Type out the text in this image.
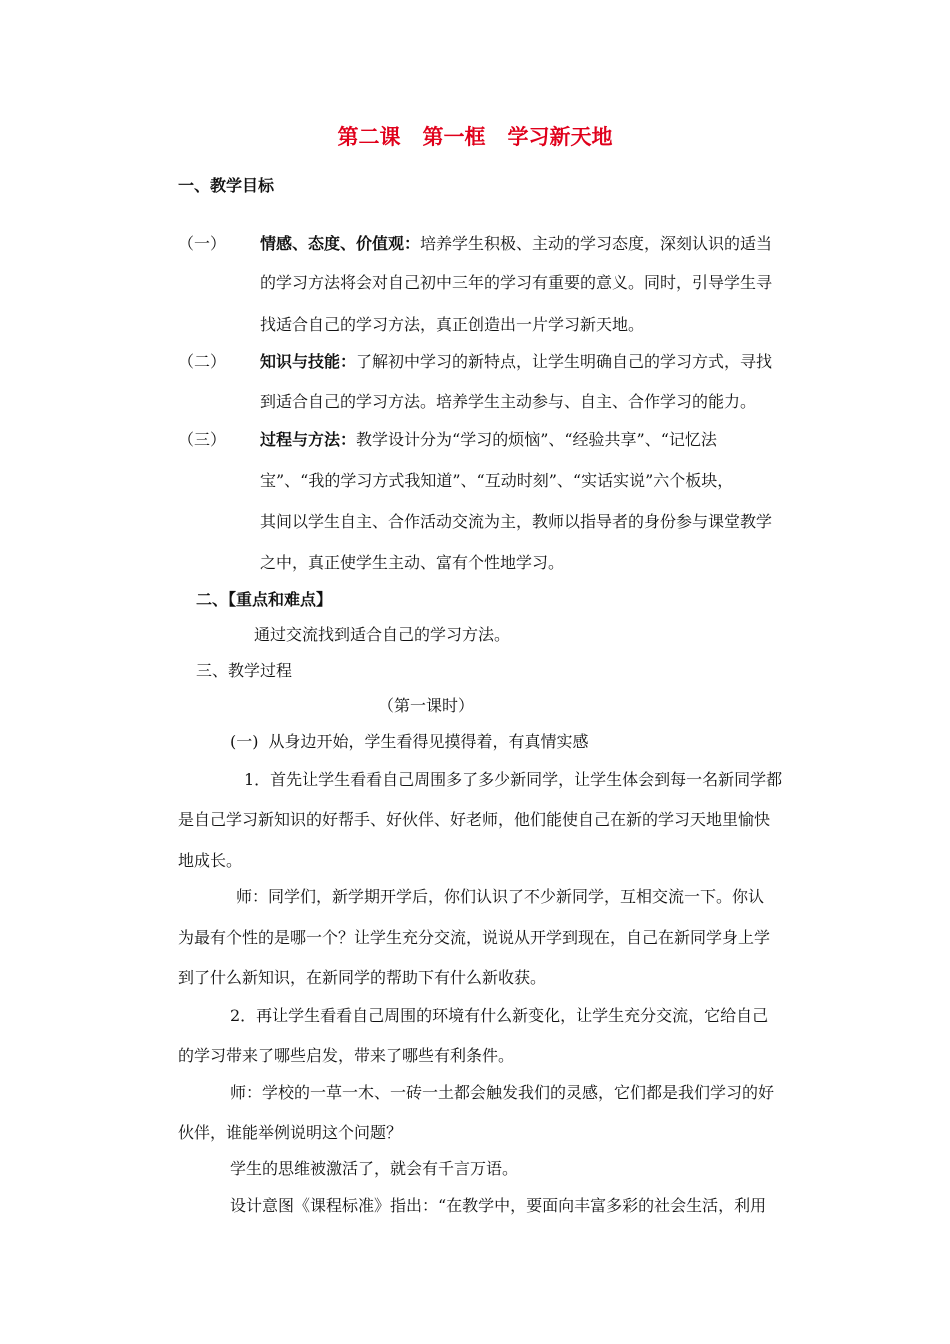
第二课 第一框 学习新天地
一、教学目标
（一） 情感、态度、价值观：培养学生积极、主动的学习态度，深刻认识的适当
的学习方法将会对自己初中三年的学习有重要的意义。同时，引导学生寻
找适合自己的学习方法，真正创造出一片学习新天地。
（二） 知识与技能：了解初中学习的新特点，让学生明确自己的学习方式，寻找
到适合自己的学习方法。培养学生主动参与、自主、合作学习的能力。
（三） 过程与方法：教学设计分为“学习的烦恼”、“经验共享”、“记忆法
宝”、“我的学习方式我知道”、“互动时刻”、“实话实说”六个板块，
其间以学生自主、合作活动交流为主，教师以指导者的身份参与课堂教学
之中，真正使学生主动、富有个性地学习。
二、【重点和难点】
通过交流找到适合自己的学习方法。
三、教学过程
（第一课时）
(一) 从身边开始，学生看得见摸得着，有真情实感
1．首先让学生看看自己周围多了多少新同学，让学生体会到每一名新同学都
是自己学习新知识的好帮手、好伙伴、好老师，他们能使自己在新的学习天地里愉快
地成长。
师：同学们，新学期开学后，你们认识了不少新同学，互相交流一下。你认
为最有个性的是哪一个？让学生充分交流，说说从开学到现在，自己在新同学身上学
到了什么新知识，在新同学的帮助下有什么新收获。
2．再让学生看看自己周围的环境有什么新变化，让学生充分交流，它给自己
的学习带来了哪些启发，带来了哪些有利条件。
师：学校的一草一木、一砖一土都会触发我们的灵感，它们都是我们学习的好
伙伴，谁能举例说明这个问题？
学生的思维被激活了，就会有千言万语。
设计意图《课程标准》指出：“在教学中，要面向丰富多彩的社会生活，利用
